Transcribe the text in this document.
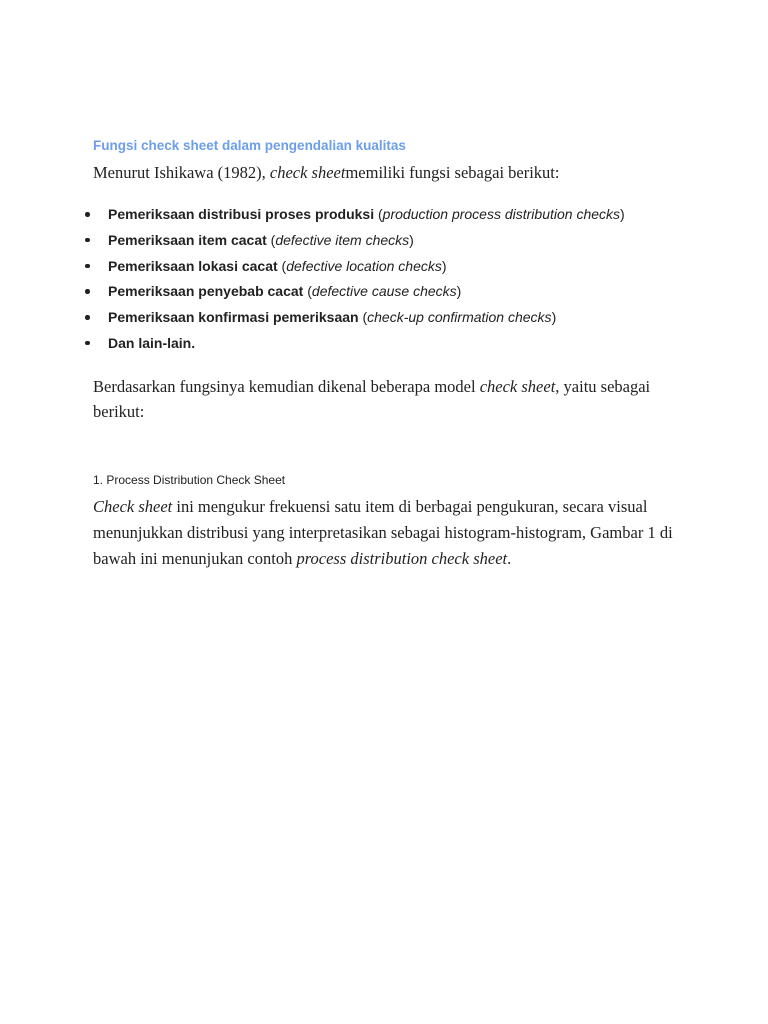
Fungsi check sheet dalam pengendalian kualitas

Menurut Ishikawa (1982), check sheetmemiliki fungsi sebagai berikut:

Pemeriksaan distribusi proses produksi (production process distribution checks)
Pemeriksaan item cacat (defective item checks)
Pemeriksaan lokasi cacat (defective location checks)
Pemeriksaan penyebab cacat (defective cause checks)
Pemeriksaan konfirmasi pemeriksaan (check-up confirmation checks)
Dan lain-lain.

Berdasarkan fungsinya kemudian dikenal beberapa model check sheet, yaitu sebagai berikut:

1. Process Distribution Check Sheet

Check sheet ini mengukur frekuensi satu item di berbagai pengukuran, secara visual menunjukkan distribusi yang interpretasikan sebagai histogram-histogram, Gambar 1 di bawah ini menunjukan contoh process distribution check sheet.
